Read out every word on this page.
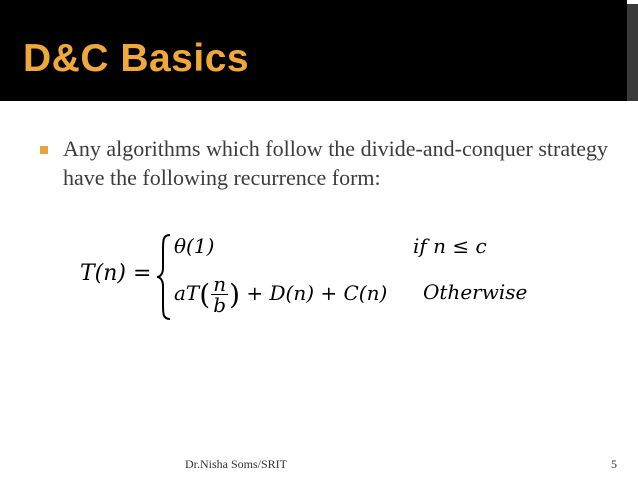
D&C Basics
Any algorithms which follow the divide-and-conquer strategy have the following recurrence form:
T(n) =
θ(1)	if n ≤ c
$aT( \frac{n}{b}$ ) + D(n) + C(n) Otherwise
Dr.Nisha Soms/SRIT	5
